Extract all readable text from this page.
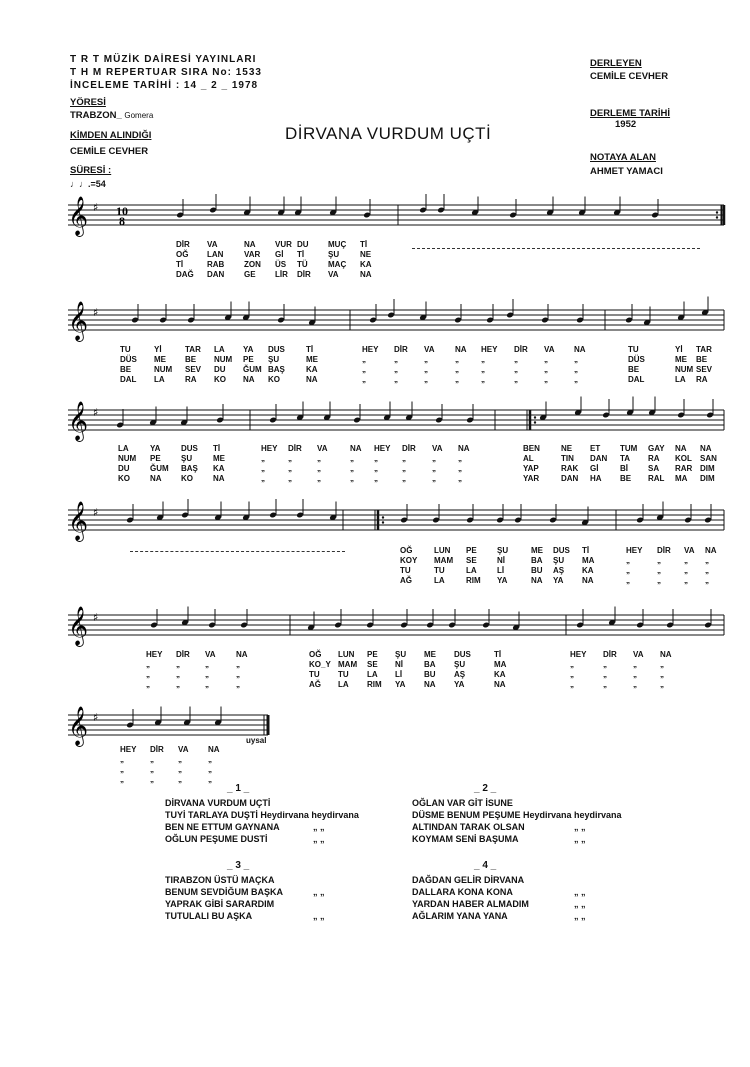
T R T MÜZİK DAİRESİ YAYINLARI
T H M REPERTUAR SIRA No: 1533
İNCELEME TARİHİ : 14 _ 2 _ 1978
YÖRESİ
TRABZON_ Gomera
KİMDEN ALINDIĞI
CEMİLE CEVHER
SÜRESİ :
♩♩.=54
DERLEYEN
CEMİLE CEVHER
DERLEME TARİHİ
1952
NOTAYA ALAN
AHMET YAMACI
DİRVANA VURDUM UÇTİ
𝄞 ♯ 10
8
𝄞 ♯
𝄞 ♯
𝄞 ♯
𝄞 ♯
𝄞 ♯
DİR VA	NA VUR DU MUÇ Tİ
OĞ LAN	VAR Gİ Tİ	ŞU	NE
Tİ	RAB ZON ÜS TÜ	MAÇ KA
DAĞ DAN GE LİR DİR VA	NA
TU	Yİ	TAR LA YA DUS	Tİ	HEY DİR VA	NA HEY DİR VA NA	TU	Yİ TAR
DÜS ME BE NUM PE ŞU	ME	„	„	„	„	„	„	„	„	DÜS	ME BE
BE	NUM SEV DU ĞUM BAŞ	KA	„	„	„	„	„	„	„	„	BE	NUM SEV
DAL LA	RA KO NA KO	NA	„	„	„	„	„	„	„	„	DAL	LA RA
LA	YA	DUS Tİ	HEY DİR VA	NA HEY DİR VA NA	BEN	NE ET TUM GAY NA NA
NUM PE	ŞU	ME	„	„	„	„	„	„	„	„	AL	TIN DAN TA RA KOL SAN
DU	ĞUM BAŞ KA	„	„	„	„	„	„	„	„	YAP	RAK Gİ	Bİ	SA RAR DIM
KO	NA KO	NA	„	„	„	„	„	„	„	„	YAR	DAN HA BE RAL MA DIM
OĞ	LUN PE	ŞU	ME DUS Tİ	HEY DİR VA NA
KOY MAM SE	Nİ	BA ŞU MA	„	„	„ „
TU	TU	LA	Lİ	BU AŞ KA	„	„	„ „
AĞ	LA	RIM YA	NA YA NA	„	„	„ „
HEY DİR VA	NA	OĞ LUN PE ŞU ME DUS	Tİ	HEY DİR VA NA
„	„	„	„	KO_Y MAM SE Nİ	BA ŞU	MA	„	„	„	„
„	„	„	„	TU TU LA Lİ	BU AŞ	KA	„	„	„	„
„	„	„	„	AĞ LA RIM YA NA YA	NA	„	„	„	„
HEY DİR VA NA
„	„	„	„
„	„	„	„
„	„	„	„
uysal
_ 1 _
DİRVANA VURDUM UÇTİ
TUYİ TARLAYA DUŞTİ Heydirvana heydirvana
BEN NE ETTUM GAYNANA	„ „
OĞLUN PEŞUME DUSTİ	„ „
_ 2 _
OĞLAN VAR GİT İSUNE
DÜSME BENUM PEŞUME Heydirvana heydirvana
ALTINDAN TARAK OLSAN	„ „
KOYMAM SENİ BAŞUMA	„ „
_ 3 _
TIRABZON ÜSTÜ MAÇKA
BENUM SEVDİĞUM BAŞKA	„ „
YAPRAK GİBİ SARARDIM
TUTULALI BU AŞKA	„ „
_ 4 _
DAĞDAN GELİR DİRVANA
DALLARA KONA KONA	„ „
YARDAN HABER ALMADIM	„ „
AĞLARIM YANA YANA	„ „
